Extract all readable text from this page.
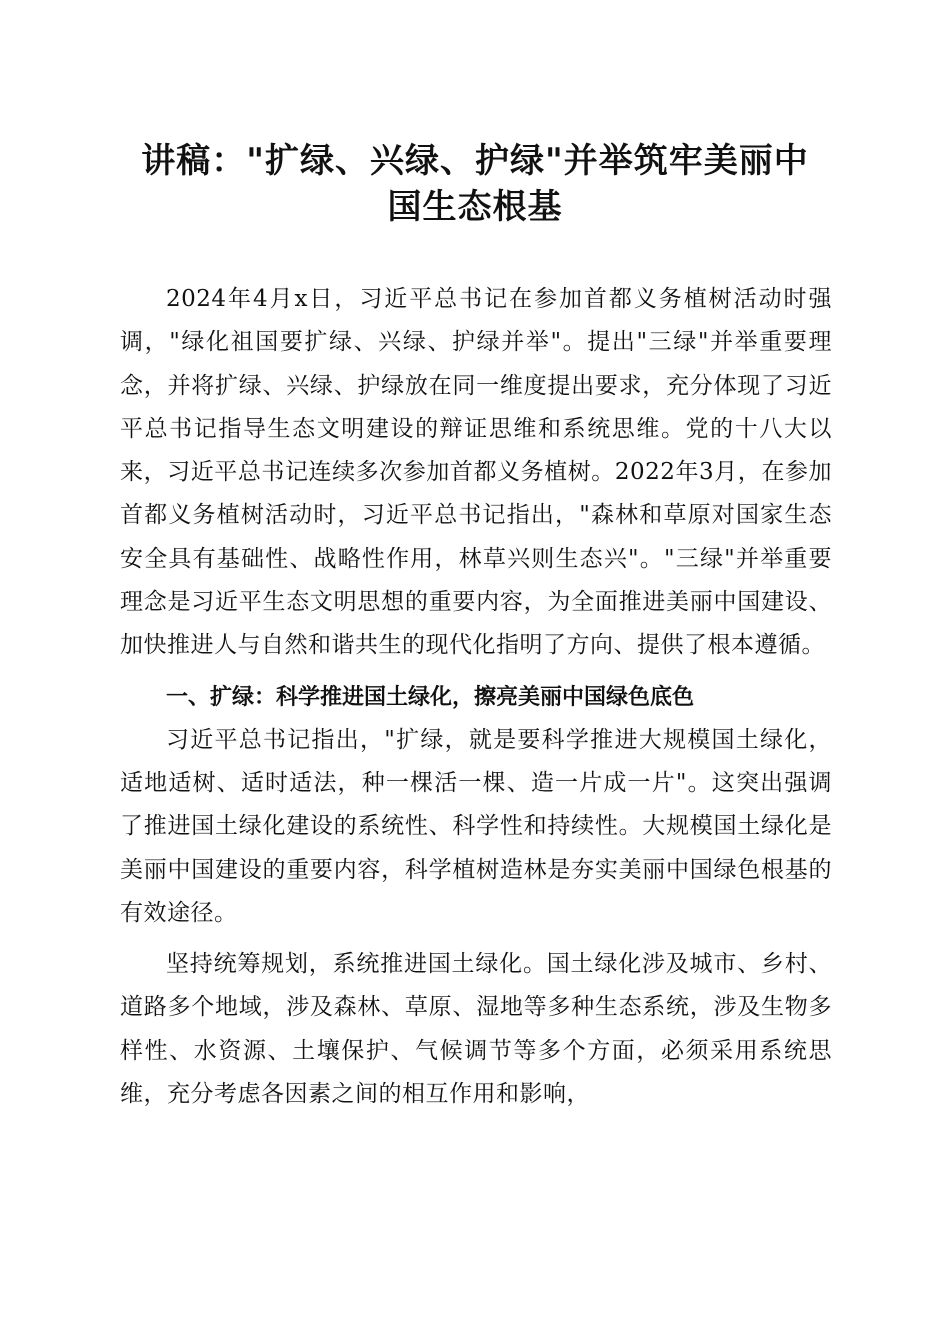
讲稿："扩绿、兴绿、护绿"并举筑牢美丽中
国生态根基

2024年4月x日，习近平总书记在参加首都义务植树活动时强调，"绿化祖国要扩绿、兴绿、护绿并举"。提出"三绿"并举重要理念，并将扩绿、兴绿、护绿放在同一维度提出要求，充分体现了习近平总书记指导生态文明建设的辩证思维和系统思维。党的十八大以来，习近平总书记连续多次参加首都义务植树。2022年3月，在参加首都义务植树活动时，习近平总书记指出，"森林和草原对国家生态安全具有基础性、战略性作用，林草兴则生态兴"。"三绿"并举重要理念是习近平生态文明思想的重要内容，为全面推进美丽中国建设、加快推进人与自然和谐共生的现代化指明了方向、提供了根本遵循。

一、扩绿：科学推进国土绿化，擦亮美丽中国绿色底色

习近平总书记指出，"扩绿，就是要科学推进大规模国土绿化，适地适树、适时适法，种一棵活一棵、造一片成一片"。这突出强调了推进国土绿化建设的系统性、科学性和持续性。大规模国土绿化是美丽中国建设的重要内容，科学植树造林是夯实美丽中国绿色根基的有效途径。

坚持统筹规划，系统推进国土绿化。国土绿化涉及城市、乡村、道路多个地域，涉及森林、草原、湿地等多种生态系统，涉及生物多样性、水资源、土壤保护、气候调节等多个方面，必须采用系统思维，充分考虑各因素之间的相互作用和影响，
